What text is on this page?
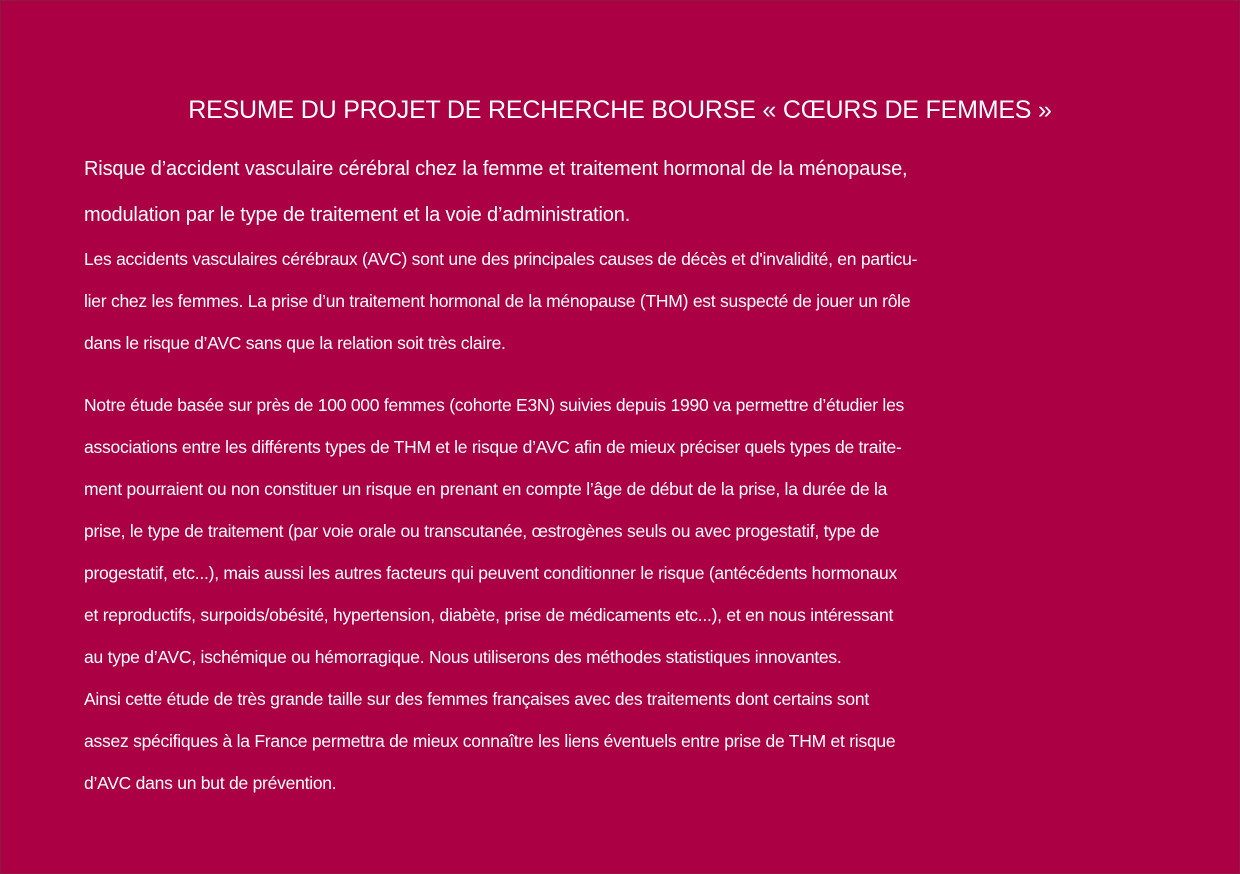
RESUME DU PROJET DE RECHERCHE BOURSE « CŒURS DE FEMMES »
Risque d’accident vasculaire cérébral chez la femme et traitement hormonal de la ménopause,
modulation par le type de traitement et la voie d’administration.
Les accidents vasculaires cérébraux (AVC) sont une des principales causes de décès et d'invalidité, en particu-
lier chez les femmes. La prise d’un traitement hormonal de la ménopause (THM) est suspecté de jouer un rôle
dans le risque d’AVC sans que la relation soit très claire.
Notre étude basée sur près de 100 000 femmes (cohorte E3N) suivies depuis 1990 va permettre d’étudier les
associations entre les différents types de THM et le risque d’AVC afin de mieux préciser quels types de traite-
ment pourraient ou non constituer un risque en prenant en compte l’âge de début de la prise, la durée de la
prise, le type de traitement (par voie orale ou transcutanée, œstrogènes seuls ou avec progestatif, type de
progestatif, etc...), mais aussi les autres facteurs qui peuvent conditionner le risque (antécédents hormonaux
et reproductifs, surpoids/obésité, hypertension, diabète, prise de médicaments etc...), et en nous intéressant
au type d’AVC, ischémique ou hémorragique. Nous utiliserons des méthodes statistiques innovantes.
Ainsi cette étude de très grande taille sur des femmes françaises avec des traitements dont certains sont
assez spécifiques à la France permettra de mieux connaître les liens éventuels entre prise de THM et risque
d’AVC dans un but de prévention.
